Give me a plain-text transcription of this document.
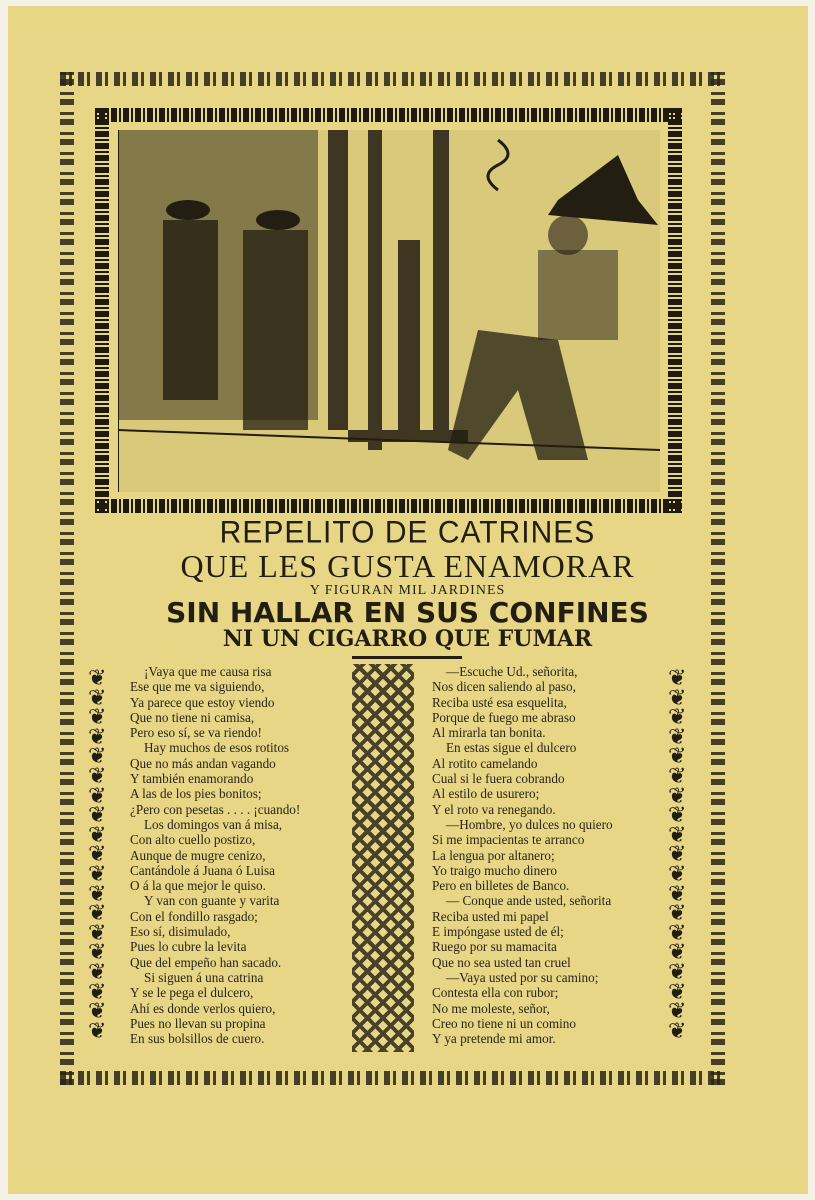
REPELITO DE CATRINES
QUE LES GUSTA ENAMORAR
Y FIGURAN MIL JARDINES
SIN HALLAR EN SUS CONFINES
NI UN CIGARRO QUE FUMAR
❦
❦
❦
❦
❦
❦
❦
❦
❦
❦
❦
❦
❦
❦
❦
❦
❦
❦
❦
❦
❦
❦
❦
❦
❦
❦
❦
❦
❦
❦
❦
❦
❦
❦
❦
❦
❦
❦
¡Vaya que me causa risa
Ese que me va siguiendo,
Ya parece que estoy viendo
Que no tiene ni camisa,
Pero eso sí, se va riendo!
Hay muchos de esos rotitos
Que no más andan vagando
Y también enamorando
A las de los pies bonitos;
¿Pero con pesetas . . . . ¡cuando!
Los domingos van á misa,
Con alto cuello postizo,
Aunque de mugre cenizo,
Cantándole á Juana ó Luisa
O á la que mejor le quiso.
Y van con guante y varita
Con el fondillo rasgado;
Eso sí, disimulado,
Pues lo cubre la levita
Que del empeño han sacado.
Si siguen á una catrina
Y se le pega el dulcero,
Ahí es donde verlos quiero,
Pues no llevan su propina
En sus bolsillos de cuero.
—Escuche Ud., señorita,
Nos dicen saliendo al paso,
Reciba usté esa esquelita,
Porque de fuego me abraso
Al mirarla tan bonita.
En estas sigue el dulcero
Al rotito camelando
Cual si le fuera cobrando
Al estilo de usurero;
Y el roto va renegando.
—Hombre, yo dulces no quiero
Si me impacientas te arranco
La lengua por altanero;
Yo traigo mucho dinero
Pero en billetes de Banco.
— Conque ande usted, señorita
Reciba usted mi papel
E impóngase usted de él;
Ruego por su mamacita
Que no sea usted tan cruel
—Vaya usted por su camino;
Contesta ella con rubor;
No me moleste, señor,
Creo no tiene ni un comino
Y ya pretende mi amor.
